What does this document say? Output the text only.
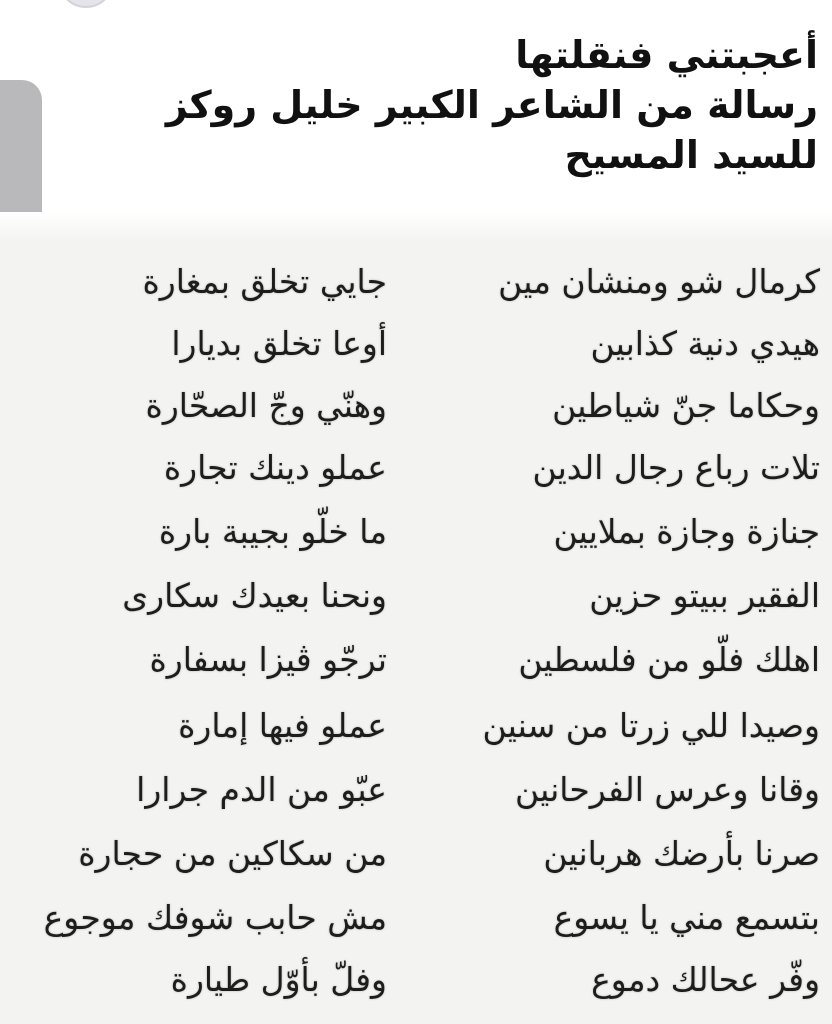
أعجبتني فنقلتها
رسالة من الشاعر الكبير خليل روكز
للسيد المسيح
كرمال شو ومنشان مين
جايي تخلق بمغارة
هيدي دنية كذابين
أوعا تخلق بديارا
وحكاما جنّ شياطين
وهنّي وجّ الصحّارة
تلات رباع رجال الدين
عملو دينك تجارة
جنازة وجازة بملايين
ما خلّو بجيبة بارة
الفقير ببيتو حزين
ونحنا بعيدك سكارى
اهلك فلّو من فلسطين
ترجّو ڤيزا بسفارة
وصيدا للي زرتا من سنين
عملو فيها إمارة
وقانا وعرس الفرحانين
عبّو من الدم جرارا
صرنا بأرضك هربانين
من سكاكين من حجارة
بتسمع مني يا يسوع
مش حابب شوفك موجوع
وفّر عحالك دموع
وفلّ بأوّل طيارة
